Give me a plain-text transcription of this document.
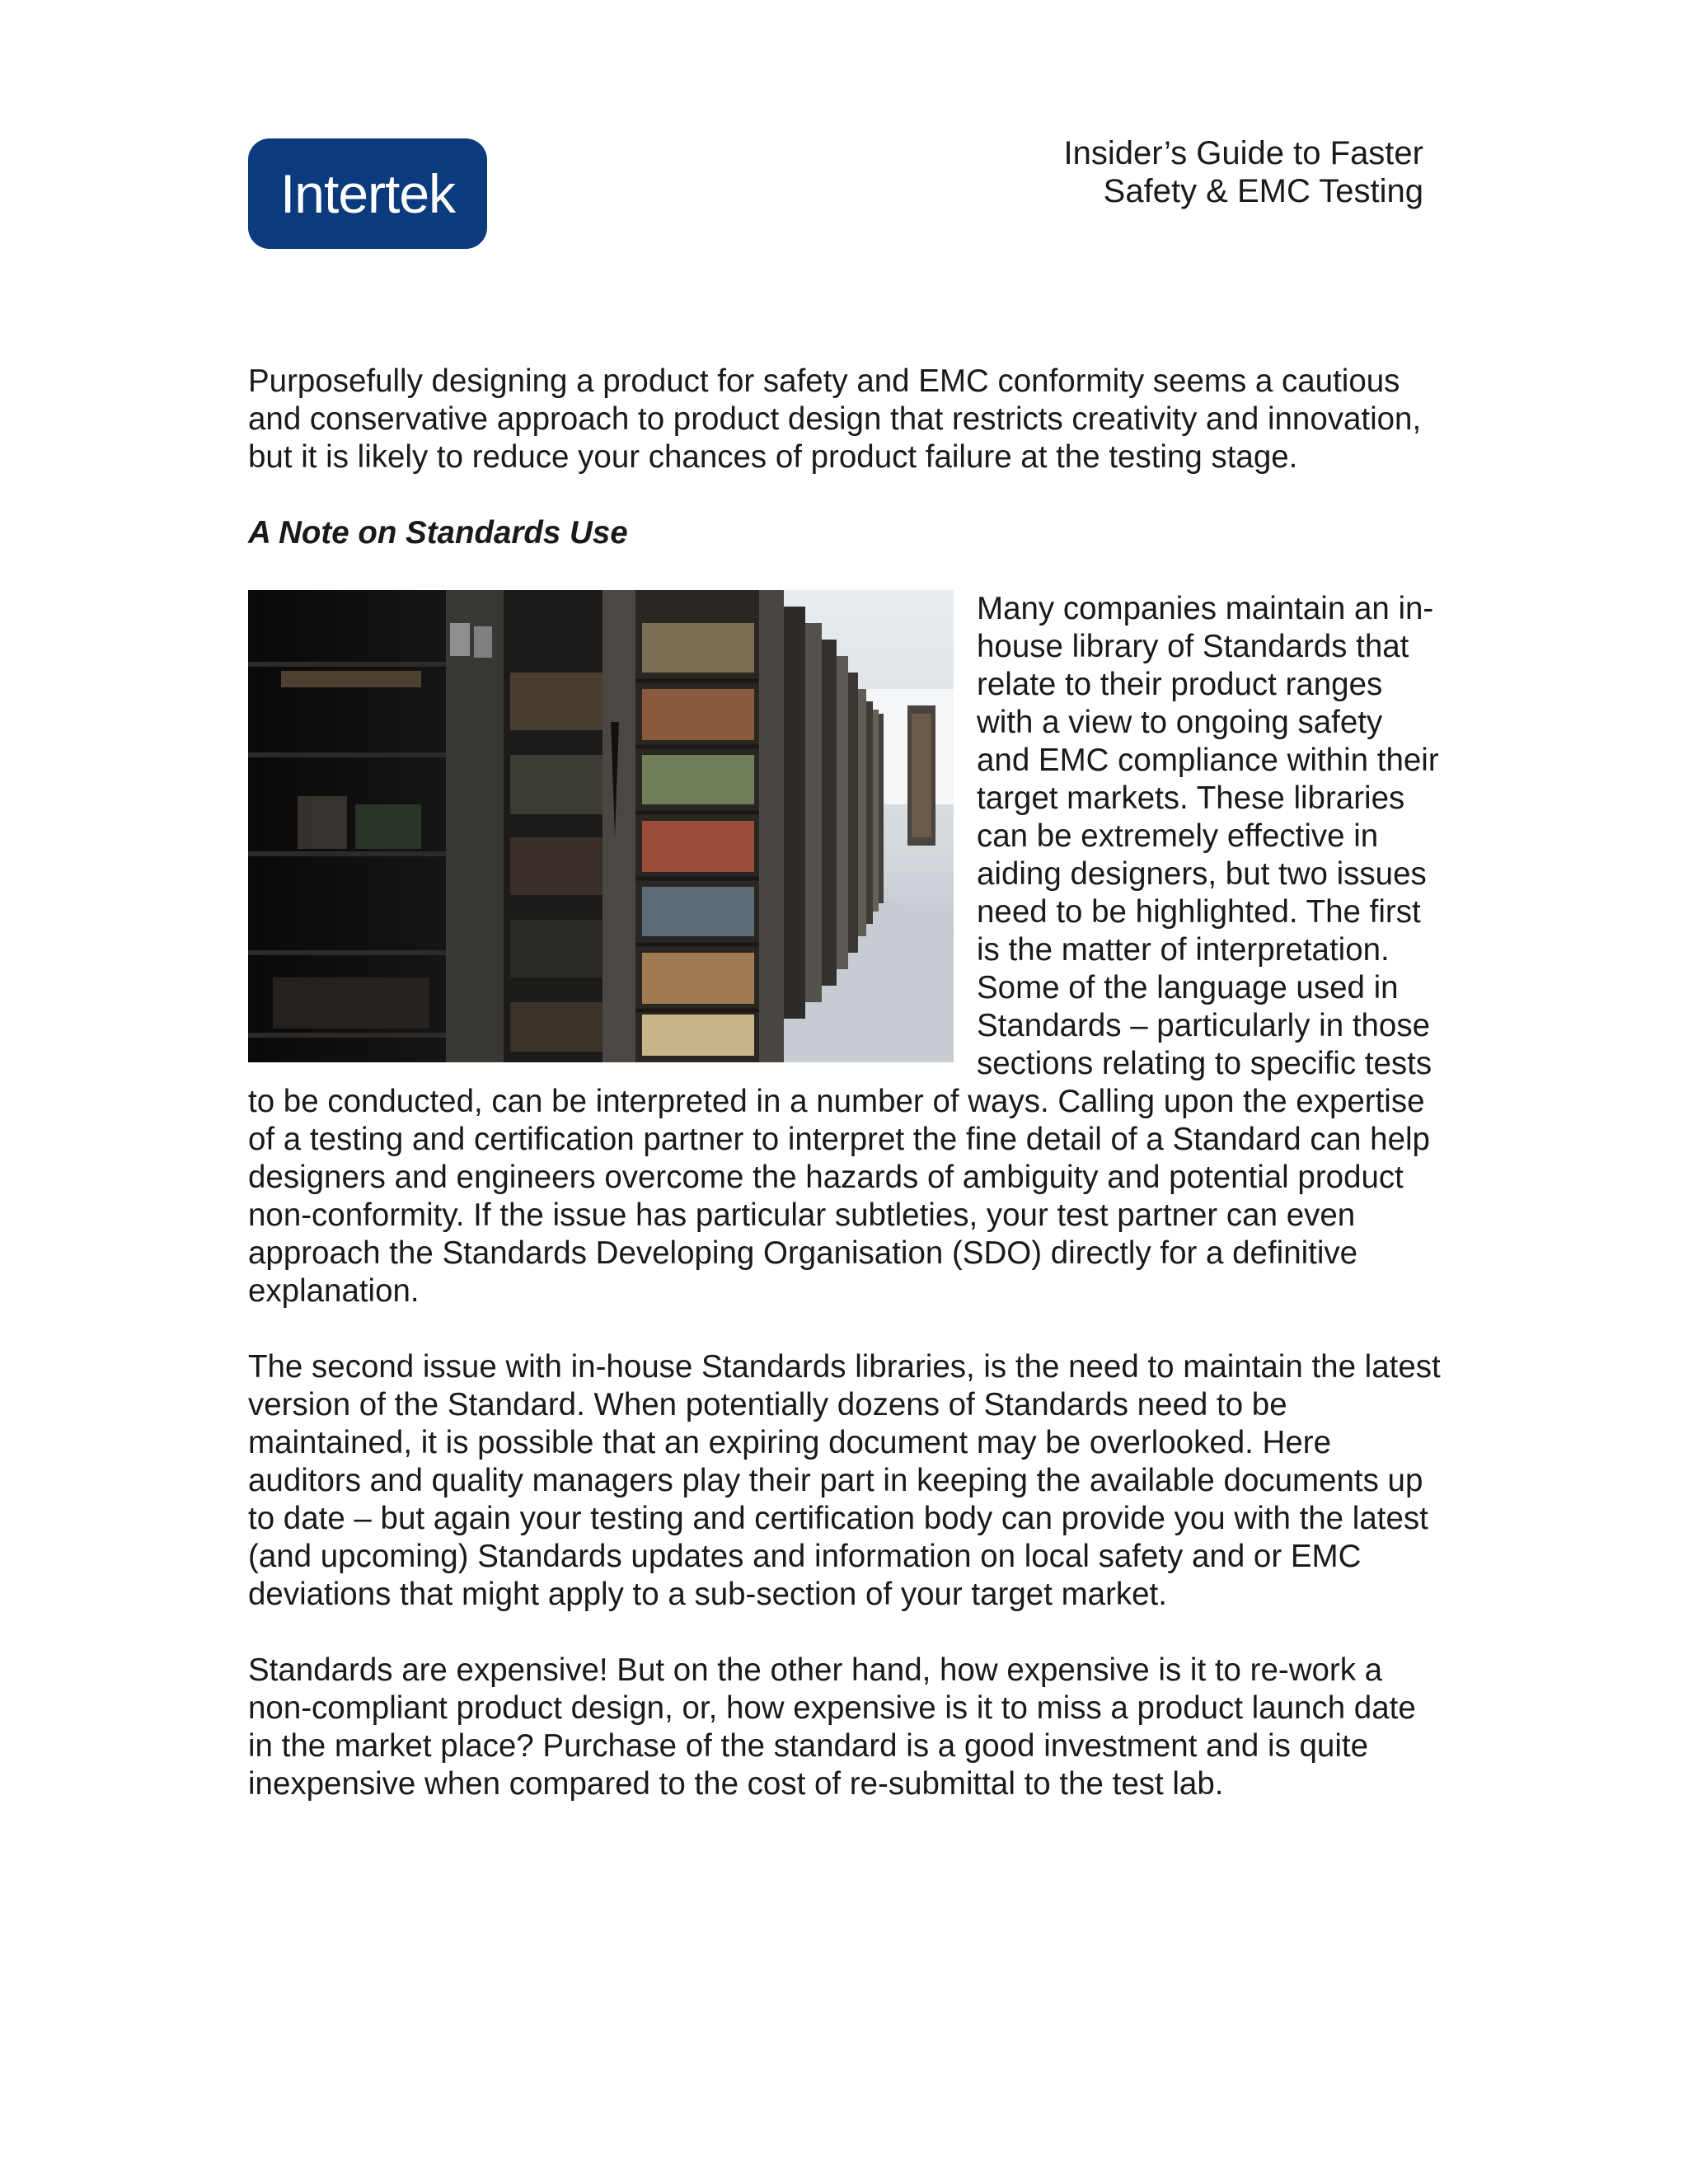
Intertek
Insider’s Guide to Faster
Safety & EMC Testing

Purposefully designing a product for safety and EMC conformity seems a cautious and conservative approach to product design that restricts creativity and innovation, but it is likely to reduce your chances of product failure at the testing stage.

A Note on Standards Use

Many companies maintain an in-house library of Standards that relate to their product ranges with a view to ongoing safety and EMC compliance within their target markets. These libraries can be extremely effective in aiding designers, but two issues need to be highlighted. The first is the matter of interpretation. Some of the language used in Standards – particularly in those sections relating to specific tests to be conducted, can be interpreted in a number of ways. Calling upon the expertise of a testing and certification partner to interpret the fine detail of a Standard can help designers and engineers overcome the hazards of ambiguity and potential product non-conformity. If the issue has particular subtleties, your test partner can even approach the Standards Developing Organisation (SDO) directly for a definitive explanation.

The second issue with in-house Standards libraries, is the need to maintain the latest version of the Standard. When potentially dozens of Standards need to be maintained, it is possible that an expiring document may be overlooked. Here auditors and quality managers play their part in keeping the available documents up to date – but again your testing and certification body can provide you with the latest (and upcoming) Standards updates and information on local safety and or EMC deviations that might apply to a sub-section of your target market.

Standards are expensive! But on the other hand, how expensive is it to re-work a non-compliant product design, or, how expensive is it to miss a product launch date in the market place? Purchase of the standard is a good investment and is quite inexpensive when compared to the cost of re-submittal to the test lab.
